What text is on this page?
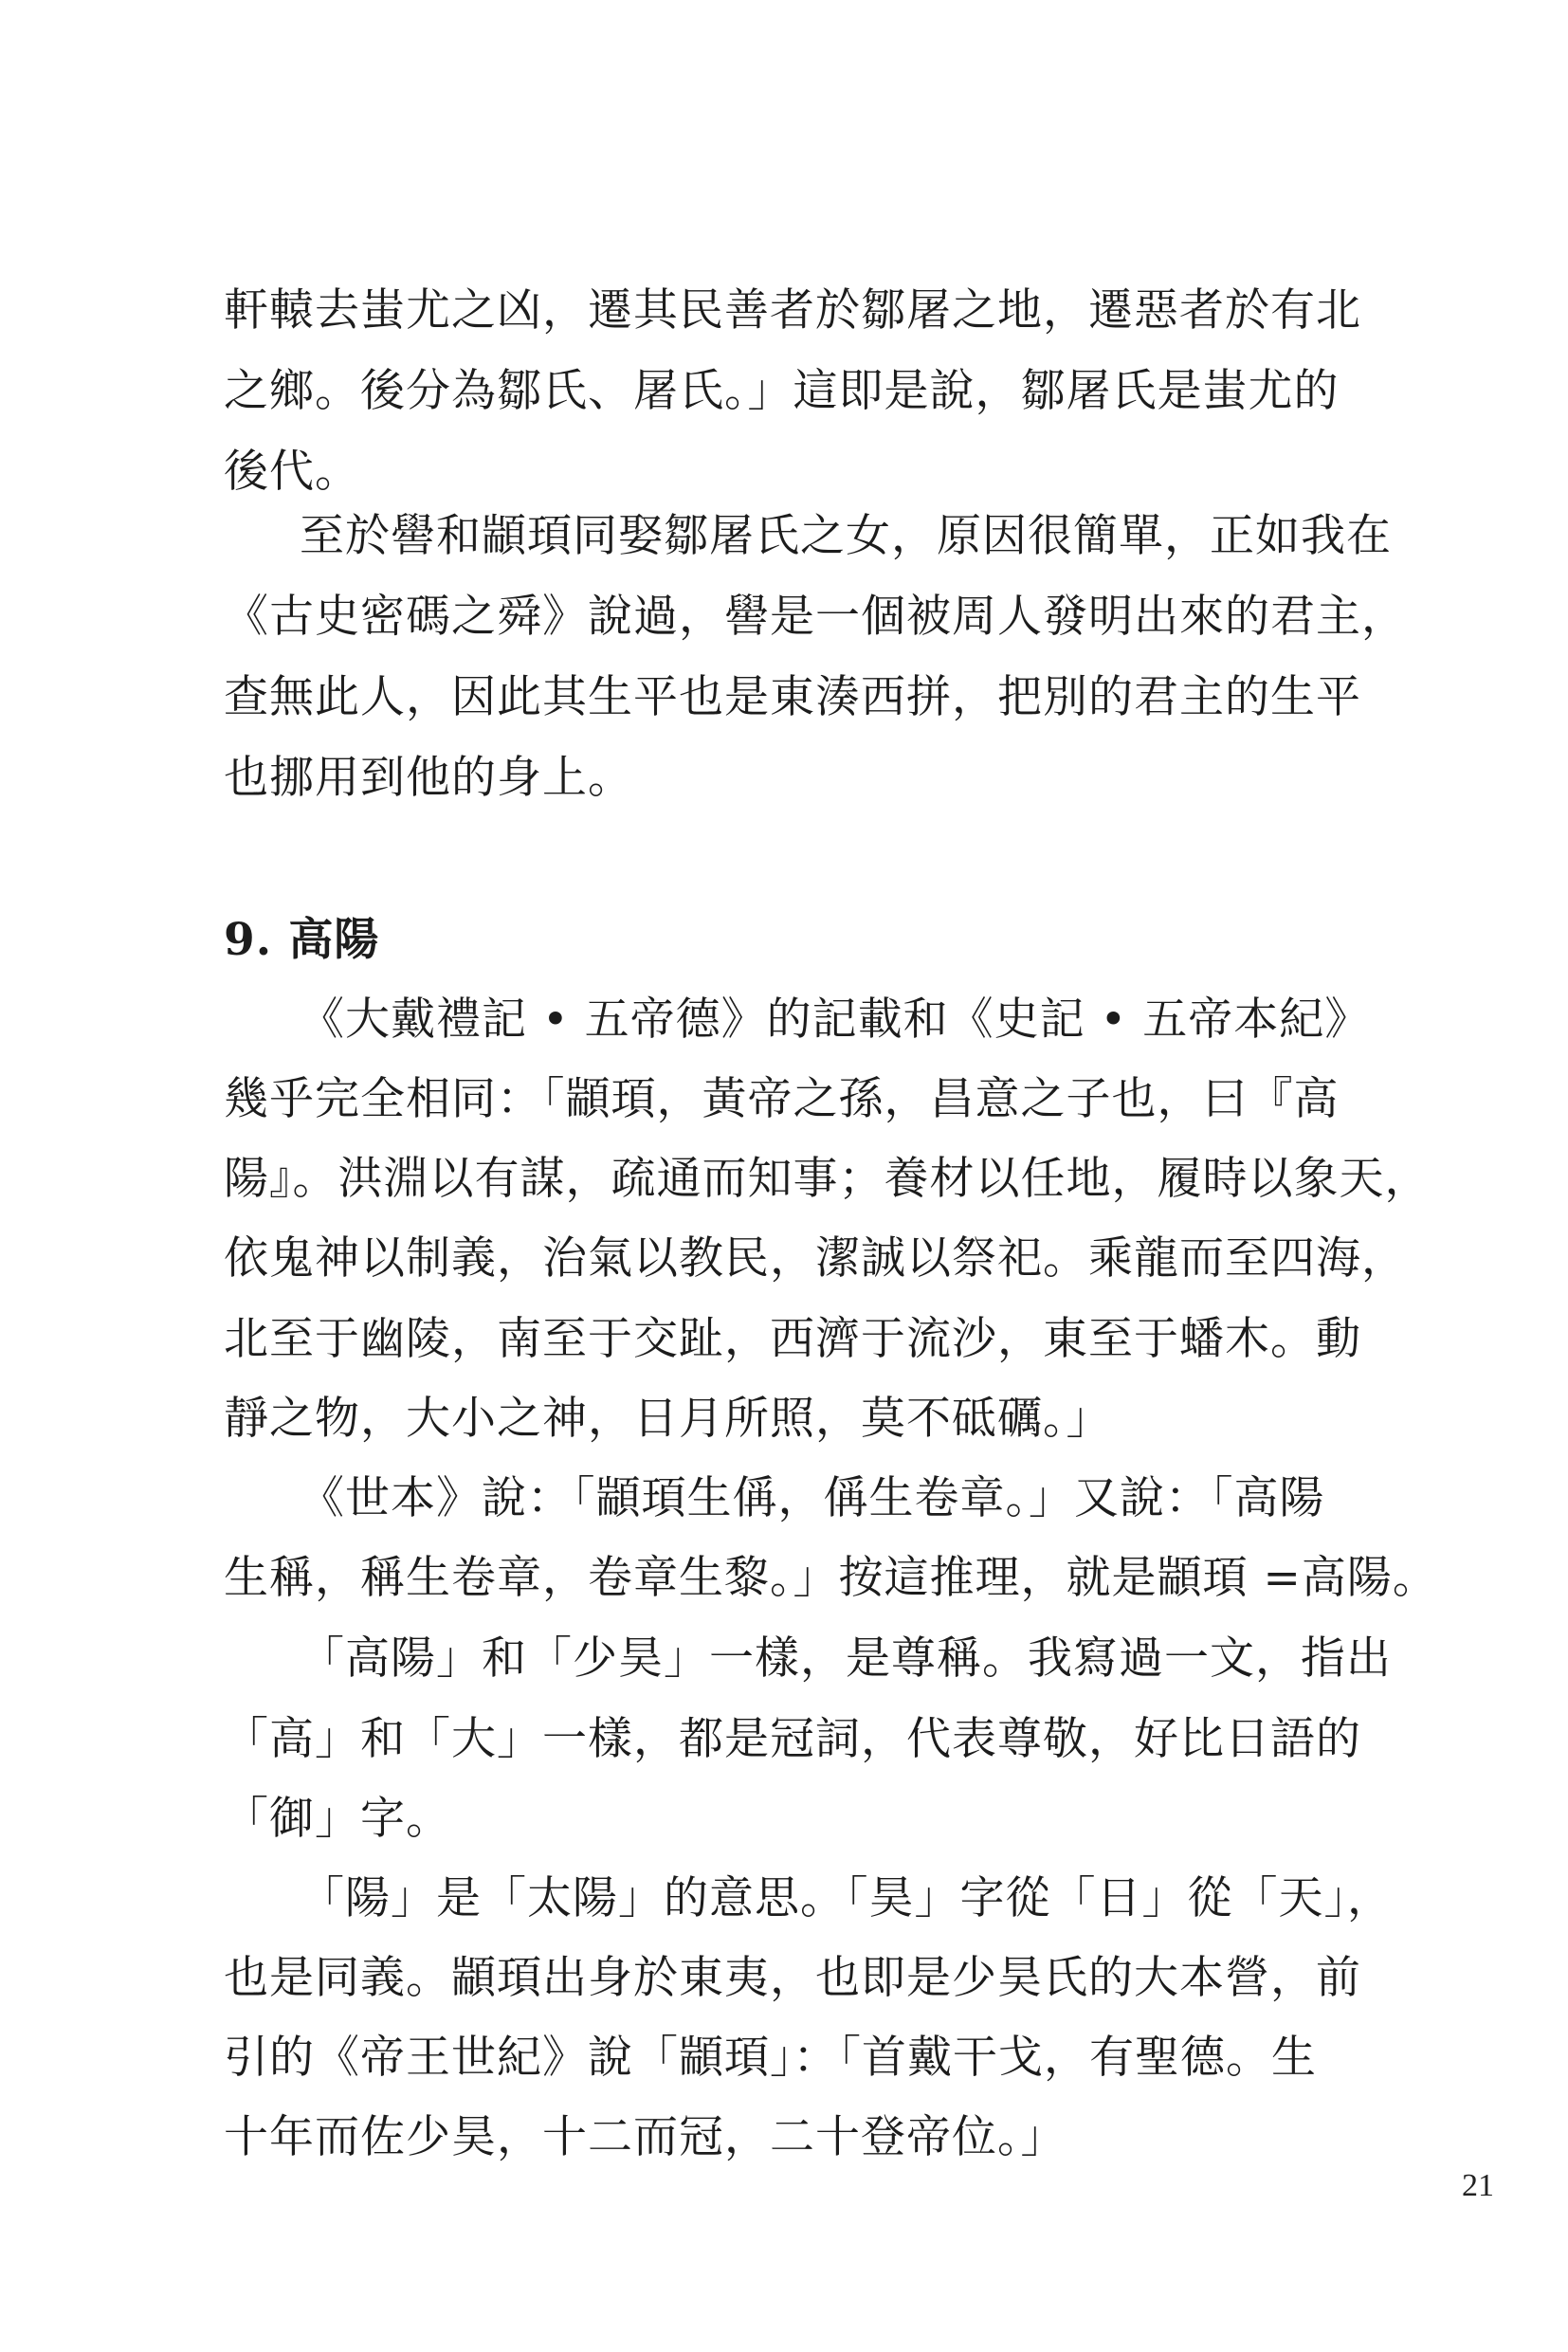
軒轅去蚩尤之凶，遷其民善者於鄒屠之地，遷惡者於有北
之鄉。後分為鄒氏、屠氏。」這即是說，鄒屠氏是蚩尤的
後代。
至於嚳和顓頊同娶鄒屠氏之女，原因很簡單，正如我在
《古史密碼之舜》說過，嚳是一個被周人發明出來的君主，
查無此人，因此其生平也是東湊西拼，把別的君主的生平
也挪用到他的身上。
9. 高陽
《大戴禮記 • 五帝德》的記載和《史記 • 五帝本紀》
幾乎完全相同：「顓頊，黃帝之孫，昌意之子也，曰『高
陽』。洪淵以有謀，疏通而知事；養材以任地，履時以象天，
依鬼神以制義，治氣以教民，潔誠以祭祀。乘龍而至四海，
北至于幽陵，南至于交趾，西濟于流沙，東至于蟠木。動
靜之物，大小之神，日月所照，莫不砥礪。」
《世本》說：「顓頊生偁，偁生卷章。」又說：「高陽
生稱，稱生卷章，卷章生黎。」按這推理，就是顓頊 =高陽。
「高陽」和「少昊」一樣，是尊稱。我寫過一文，指出
「高」和「大」一樣，都是冠詞，代表尊敬，好比日語的
「御」字。
「陽」是「太陽」的意思。「昊」字從「日」從「天」，
也是同義。顓頊出身於東夷，也即是少昊氏的大本營，前
引的《帝王世紀》說「顓頊」：「首戴干戈，有聖德。生
十年而佐少昊，十二而冠，二十登帝位。」
21
